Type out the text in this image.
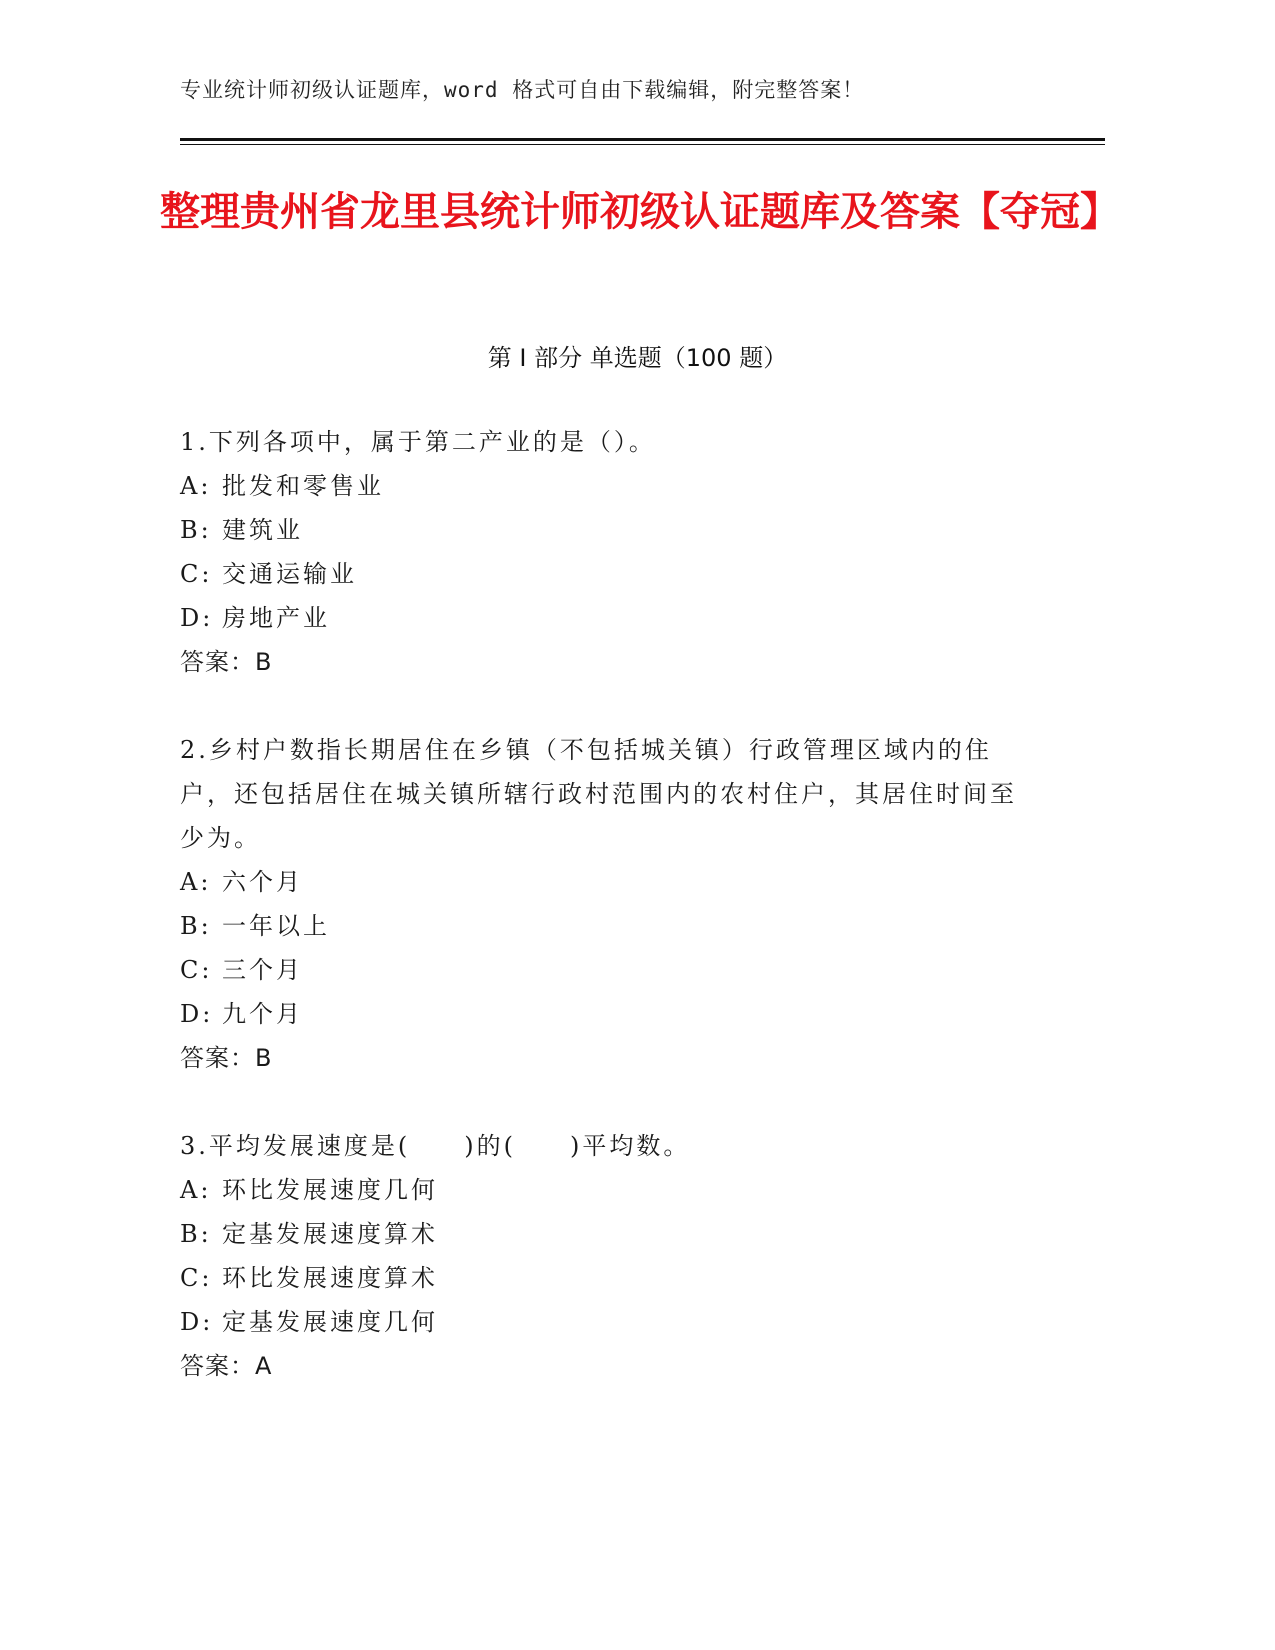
专业统计师初级认证题库，word 格式可自由下载编辑，附完整答案！
整理贵州省龙里县统计师初级认证题库及答案【夺冠】
第 I 部分 单选题（100 题）
1.下列各项中，属于第二产业的是（）。
A: 批发和零售业
B: 建筑业
C: 交通运输业
D: 房地产业
答案：B
2.乡村户数指长期居住在乡镇（不包括城关镇）行政管理区域内的住户，还包括居住在城关镇所辖行政村范围内的农村住户，其居住时间至少为。
A: 六个月
B: 一年以上
C: 三个月
D: 九个月
答案：B
3.平均发展速度是(　　)的(　　)平均数。
A: 环比发展速度几何
B: 定基发展速度算术
C: 环比发展速度算术
D: 定基发展速度几何
答案：A
